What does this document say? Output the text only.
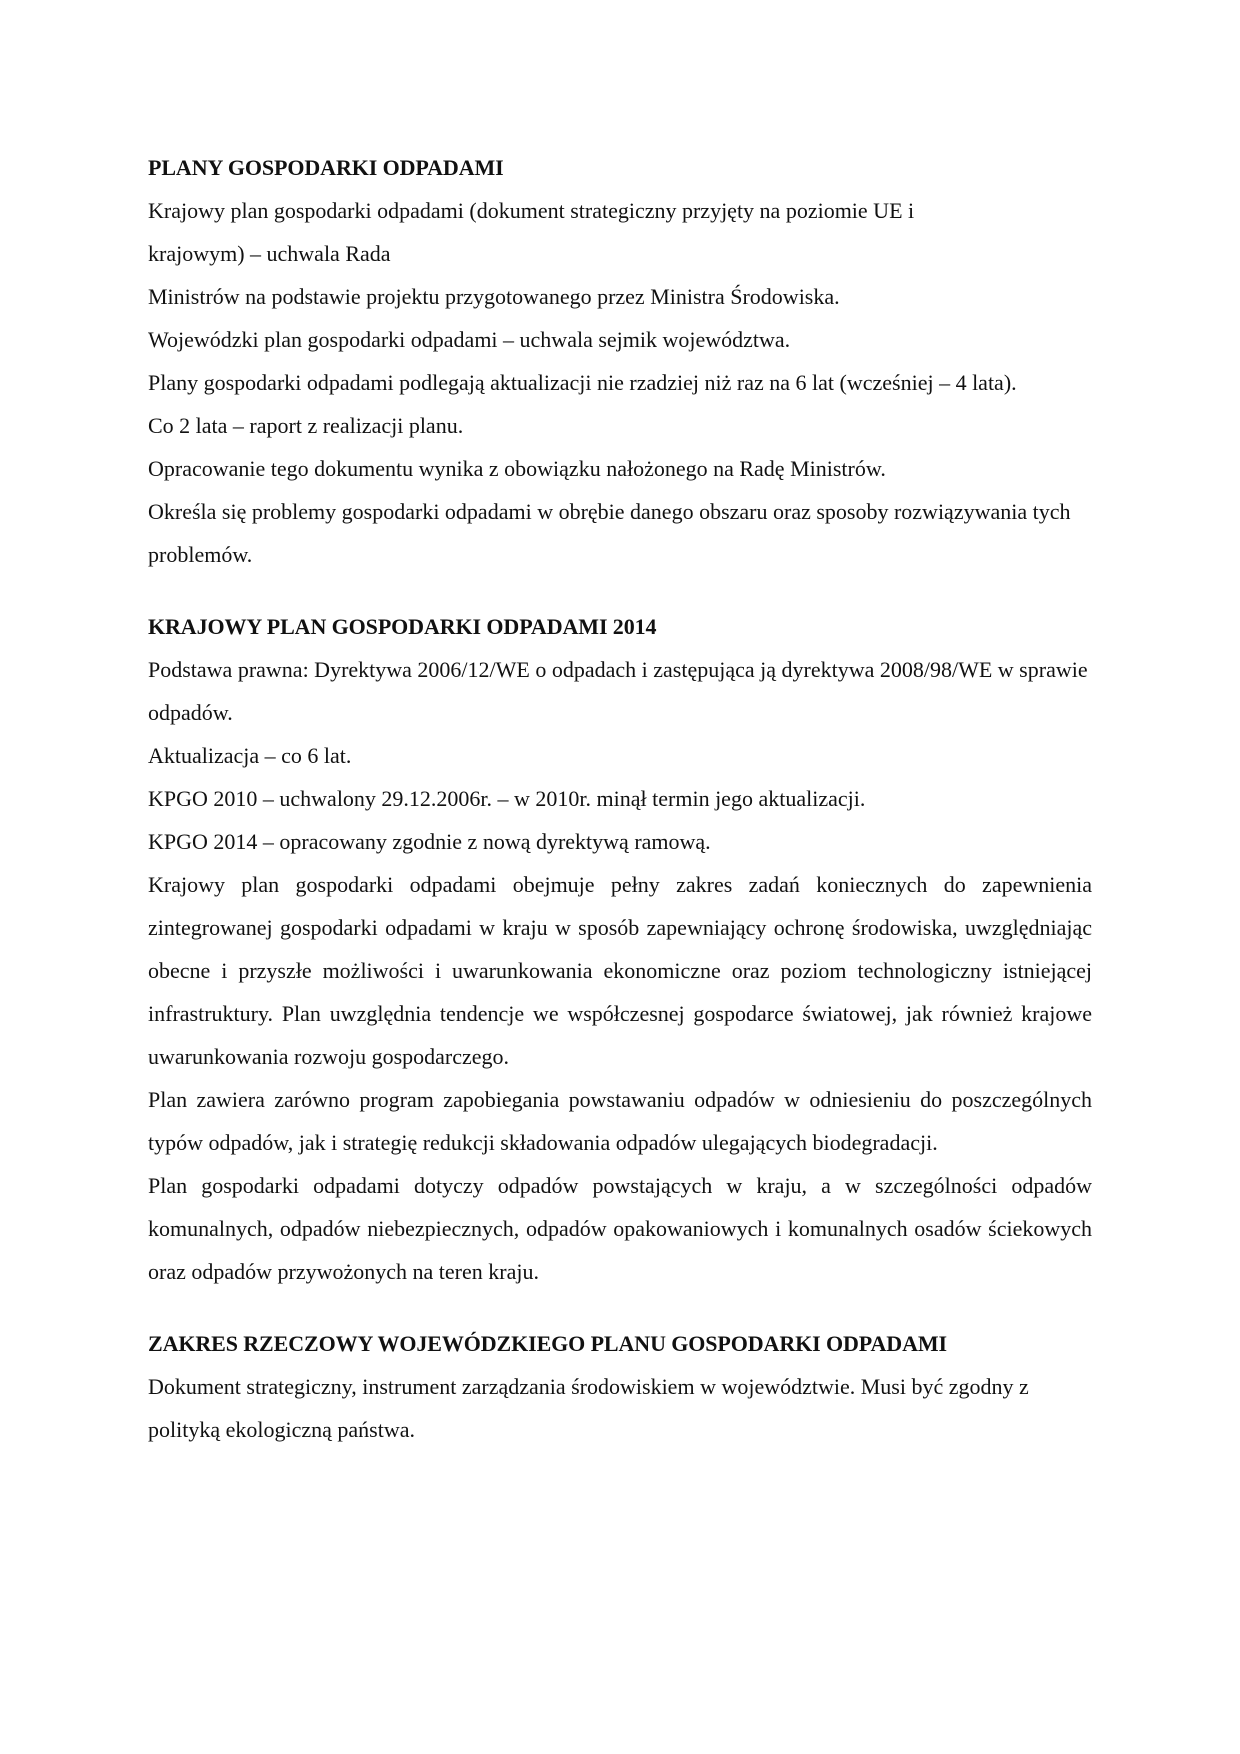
PLANY GOSPODARKI ODPADAMI

Krajowy plan gospodarki odpadami (dokument strategiczny przyjęty na poziomie UE i

krajowym) – uchwala Rada

Ministrów na podstawie projektu przygotowanego przez Ministra Środowiska.

Wojewódzki plan gospodarki odpadami – uchwala sejmik województwa.

Plany gospodarki odpadami podlegają aktualizacji nie rzadziej niż raz na 6 lat (wcześniej – 4 lata).

Co 2 lata – raport z realizacji planu.

Opracowanie tego dokumentu wynika z obowiązku nałożonego na Radę Ministrów.

Określa się problemy gospodarki odpadami w obrębie danego obszaru oraz sposoby rozwiązywania tych problemów.

KRAJOWY PLAN GOSPODARKI ODPADAMI 2014

Podstawa prawna: Dyrektywa 2006/12/WE o odpadach i zastępująca ją dyrektywa 2008/98/WE w sprawie odpadów.

Aktualizacja – co 6 lat.

KPGO 2010 – uchwalony 29.12.2006r. – w 2010r. minął termin jego aktualizacji.

KPGO 2014 – opracowany zgodnie z nową dyrektywą ramową.

Krajowy plan gospodarki odpadami obejmuje pełny zakres zadań koniecznych do zapewnienia zintegrowanej gospodarki odpadami w kraju w sposób zapewniający ochronę środowiska, uwzględniając obecne i przyszłe możliwości i uwarunkowania ekonomiczne oraz poziom technologiczny istniejącej infrastruktury. Plan uwzględnia tendencje we współczesnej gospodarce światowej, jak również krajowe uwarunkowania rozwoju gospodarczego.

Plan zawiera zarówno program zapobiegania powstawaniu odpadów w odniesieniu do poszczególnych typów odpadów, jak i strategię redukcji składowania odpadów ulegających biodegradacji.

Plan gospodarki odpadami dotyczy odpadów powstających w kraju, a w szczególności odpadów komunalnych, odpadów niebezpiecznych, odpadów opakowaniowych i komunalnych osadów ściekowych oraz odpadów przywożonych na teren kraju.

ZAKRES RZECZOWY WOJEWÓDZKIEGO PLANU GOSPODARKI ODPADAMI

Dokument strategiczny, instrument zarządzania środowiskiem w województwie. Musi być zgodny z polityką ekologiczną państwa.
